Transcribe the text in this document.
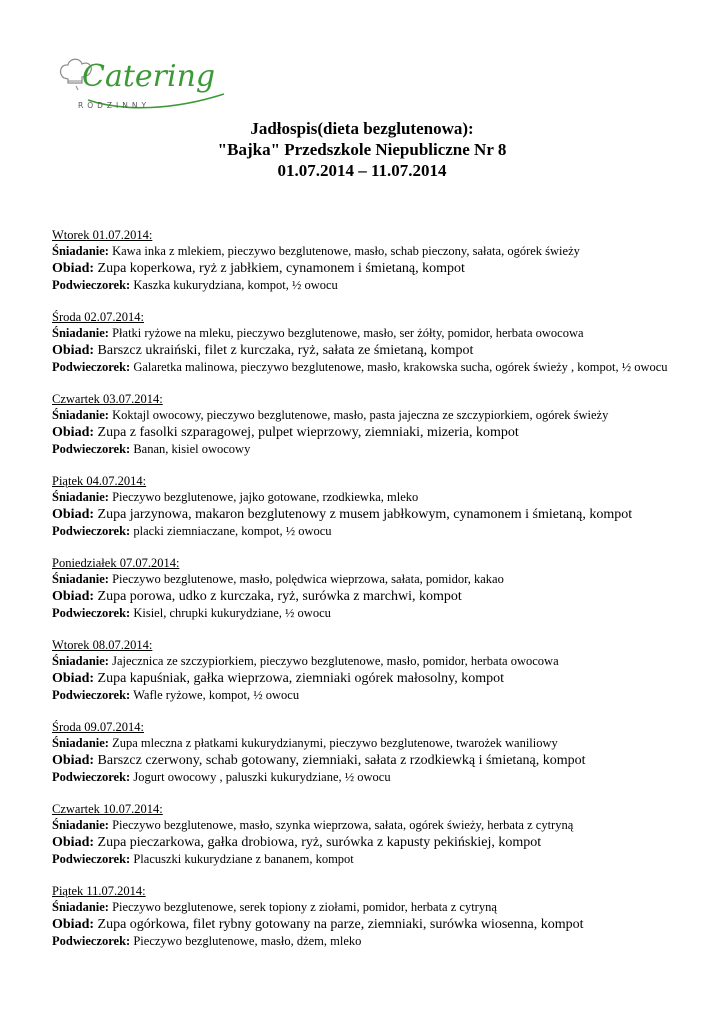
Catering
RODZINNY
Jadłospis(dieta bezglutenowa):
"Bajka" Przedszkole Niepubliczne Nr 8
01.07.2014 – 11.07.2014
Wtorek 01.07.2014:
Śniadanie: Kawa inka z mlekiem, pieczywo bezglutenowe, masło, schab pieczony, sałata, ogórek świeży
Obiad: Zupa koperkowa, ryż z jabłkiem, cynamonem i śmietaną, kompot
Podwieczorek: Kaszka kukurydziana, kompot, ½ owocu
Środa 02.07.2014:
Śniadanie: Płatki ryżowe na mleku, pieczywo bezglutenowe, masło, ser żółty, pomidor, herbata owocowa
Obiad: Barszcz ukraiński, filet z kurczaka, ryż, sałata ze śmietaną, kompot
Podwieczorek: Galaretka malinowa, pieczywo bezglutenowe, masło, krakowska sucha, ogórek świeży , kompot, ½ owocu
Czwartek 03.07.2014:
Śniadanie: Koktajl owocowy, pieczywo bezglutenowe, masło, pasta jajeczna ze szczypiorkiem, ogórek świeży
Obiad: Zupa z fasolki szparagowej, pulpet wieprzowy, ziemniaki, mizeria, kompot
Podwieczorek: Banan, kisiel owocowy
Piątek 04.07.2014:
Śniadanie: Pieczywo bezglutenowe, jajko gotowane, rzodkiewka, mleko
Obiad: Zupa jarzynowa, makaron bezglutenowy z musem jabłkowym, cynamonem i śmietaną, kompot
Podwieczorek: placki ziemniaczane, kompot, ½ owocu
Poniedziałek 07.07.2014:
Śniadanie: Pieczywo bezglutenowe, masło, polędwica wieprzowa, sałata, pomidor, kakao
Obiad: Zupa porowa, udko z kurczaka, ryż, surówka z marchwi, kompot
Podwieczorek: Kisiel, chrupki kukurydziane, ½ owocu
Wtorek 08.07.2014:
Śniadanie: Jajecznica ze szczypiorkiem, pieczywo bezglutenowe, masło, pomidor, herbata owocowa
Obiad: Zupa kapuśniak, gałka wieprzowa, ziemniaki ogórek małosolny, kompot
Podwieczorek: Wafle ryżowe, kompot, ½ owocu
Środa 09.07.2014:
Śniadanie: Zupa mleczna z płatkami kukurydzianymi, pieczywo bezglutenowe, twarożek waniliowy
Obiad: Barszcz czerwony, schab gotowany, ziemniaki, sałata z rzodkiewką i śmietaną, kompot
Podwieczorek: Jogurt owocowy , paluszki kukurydziane, ½ owocu
Czwartek 10.07.2014:
Śniadanie: Pieczywo bezglutenowe, masło, szynka wieprzowa, sałata, ogórek świeży, herbata z cytryną
Obiad: Zupa pieczarkowa, gałka drobiowa, ryż, surówka z kapusty pekińskiej, kompot
Podwieczorek: Placuszki kukurydziane z bananem, kompot
Piątek 11.07.2014:
Śniadanie: Pieczywo bezglutenowe, serek topiony z ziołami, pomidor, herbata z cytryną
Obiad: Zupa ogórkowa, filet rybny gotowany na parze, ziemniaki, surówka wiosenna, kompot
Podwieczorek: Pieczywo bezglutenowe, masło, dżem, mleko
